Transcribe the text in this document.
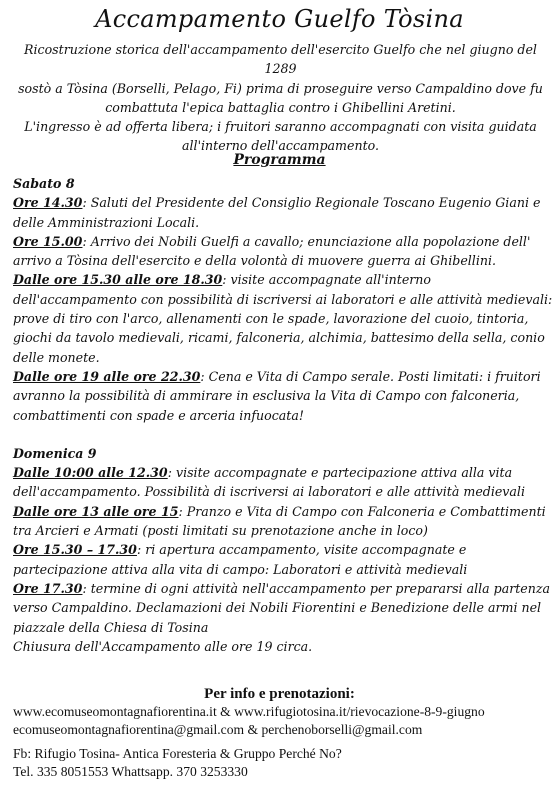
Accampamento Guelfo Tòsina
Ricostruzione storica dell'accampamento dell'esercito Guelfo che nel giugno del 1289
sostò a Tòsina (Borselli, Pelago, Fi) prima di proseguire verso Campaldino dove fu
combattuta l'epica battaglia contro i Ghibellini Aretini.
L'ingresso è ad offerta libera; i fruitori saranno accompagnati con visita guidata
all'interno dell'accampamento.
Programma

Sabato 8

Ore 14.30: Saluti del Presidente del Consiglio Regionale Toscano Eugenio Giani e delle Amministrazioni Locali.

Ore 15.00: Arrivo dei Nobili Guelfi a cavallo; enunciazione alla popolazione dell' arrivo a Tòsina dell'esercito e della volontà di muovere guerra ai Ghibellini.

Dalle ore 15.30 alle ore 18.30: visite accompagnate all'interno dell'accampamento con possibilità di iscriversi ai laboratori e alle attività medievali: prove di tiro con l'arco, allenamenti con le spade, lavorazione del cuoio, tintoria, giochi da tavolo medievali, ricami, falconeria, alchimia, battesimo della sella, conio delle monete.

Dalle ore 19 alle ore 22.30: Cena e Vita di Campo serale. Posti limitati: i fruitori avranno la possibilità di ammirare in esclusiva la Vita di Campo con falconeria, combattimenti con spade e arceria infuocata!

Domenica 9

Dalle 10:00 alle 12.30: visite accompagnate e partecipazione attiva alla vita dell'accampamento. Possibilità di iscriversi ai laboratori e alle attività medievali

Dalle ore 13 alle ore 15: Pranzo e Vita di Campo con Falconeria e Combattimenti tra Arcieri e Armati (posti limitati su prenotazione anche in loco)

Ore 15.30 – 17.30: ri apertura accampamento, visite accompagnate e partecipazione attiva alla vita di campo: Laboratori e attività medievali

Ore 17.30: termine di ogni attività nell'accampamento per prepararsi alla partenza verso Campaldino. Declamazioni dei Nobili Fiorentini e Benedizione delle armi nel piazzale della Chiesa di Tosina

Chiusura dell'Accampamento alle ore 19 circa.

Per info e prenotazioni:

www.ecomuseomontagnafiorentina.it & www.rifugiotosina.it/rievocazione-8-9-giugno

ecomuseomontagnafiorentina@gmail.com & perchenoborselli@gmail.com

Fb: Rifugio Tosina- Antica Foresteria & Gruppo Perché No?

Tel. 335 8051553 Whattsapp. 370 3253330
